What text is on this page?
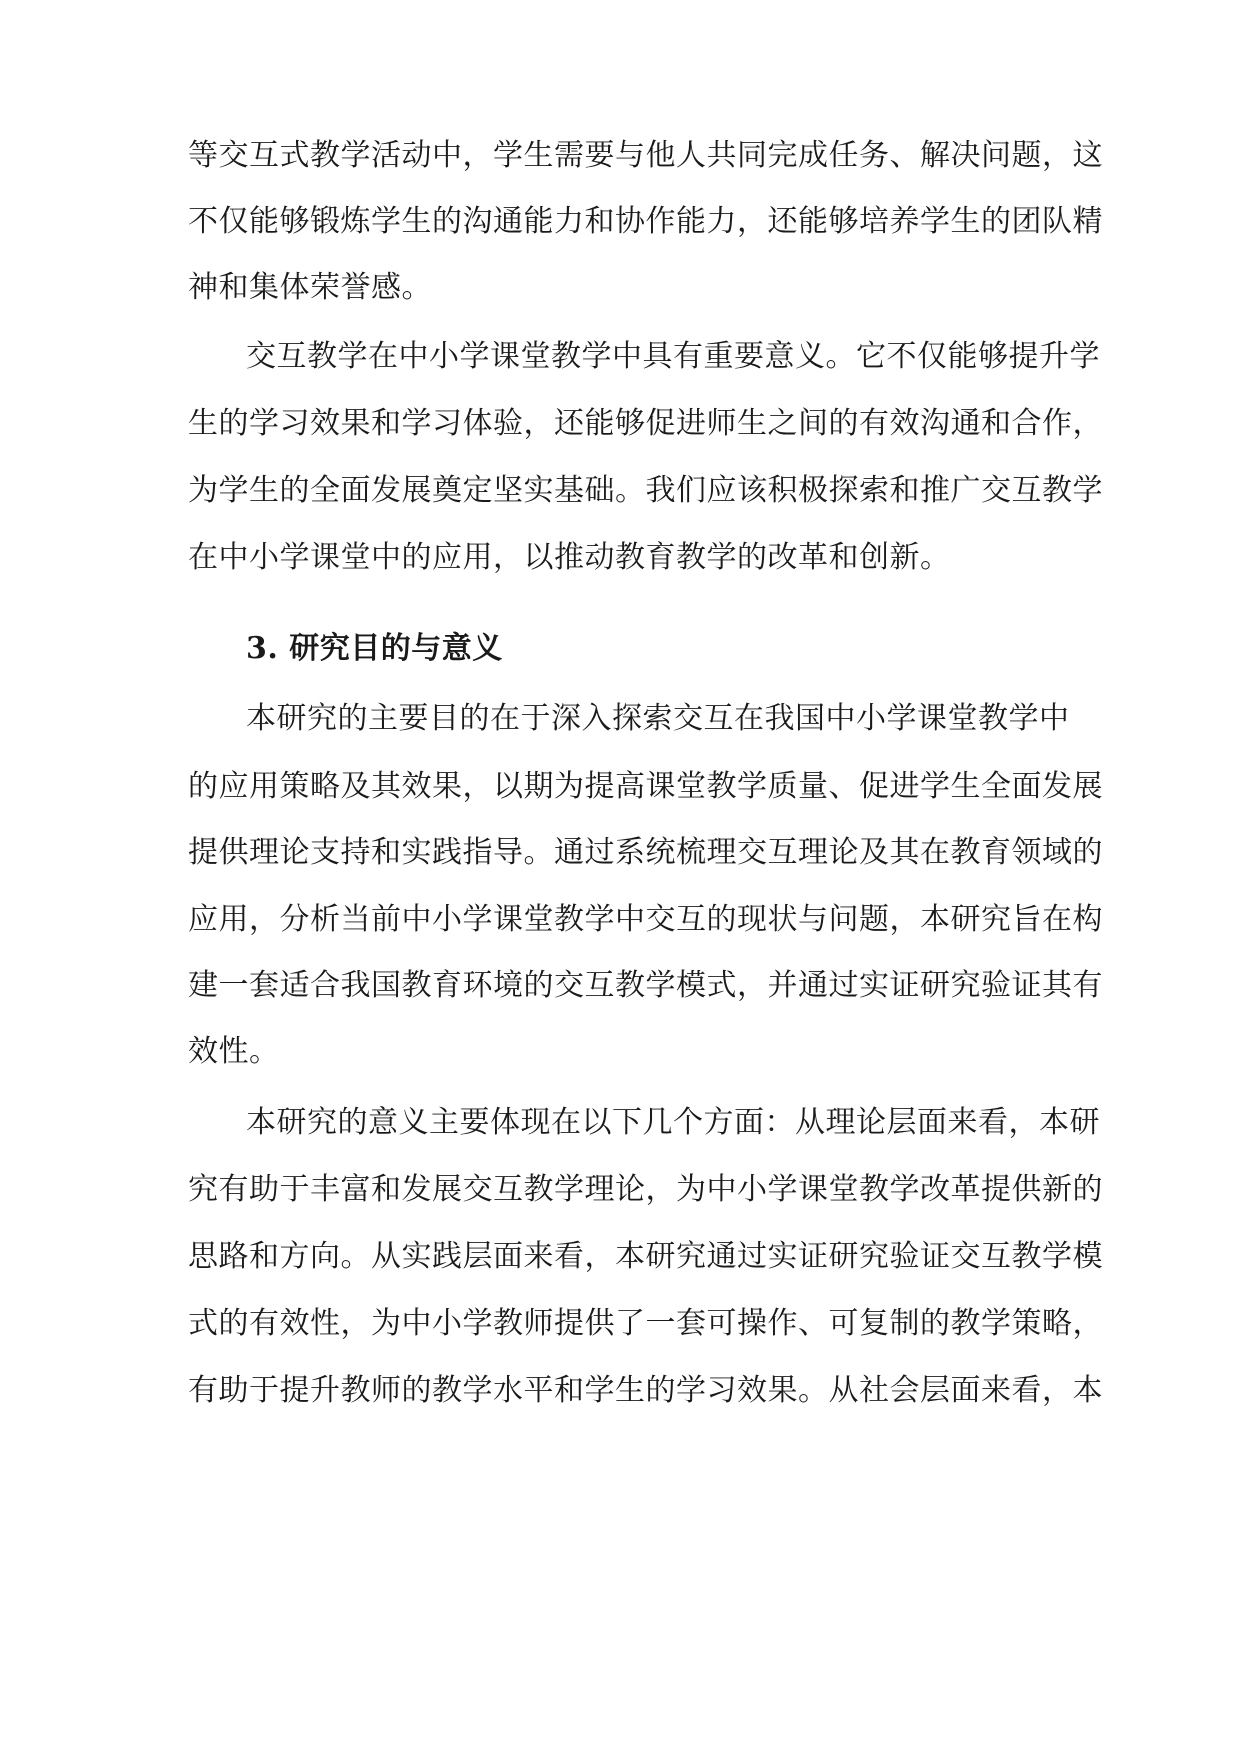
等交互式教学活动中，学生需要与他人共同完成任务、解决问题，这
不仅能够锻炼学生的沟通能力和协作能力，还能够培养学生的团队精
神和集体荣誉感。
交互教学在中小学课堂教学中具有重要意义。它不仅能够提升学
生的学习效果和学习体验，还能够促进师生之间的有效沟通和合作，
为学生的全面发展奠定坚实基础。我们应该积极探索和推广交互教学
在中小学课堂中的应用，以推动教育教学的改革和创新。
3. 研究目的与意义
本研究的主要目的在于深入探索交互在我国中小学课堂教学中
的应用策略及其效果，以期为提高课堂教学质量、促进学生全面发展
提供理论支持和实践指导。通过系统梳理交互理论及其在教育领域的
应用，分析当前中小学课堂教学中交互的现状与问题，本研究旨在构
建一套适合我国教育环境的交互教学模式，并通过实证研究验证其有
效性。
本研究的意义主要体现在以下几个方面：从理论层面来看，本研
究有助于丰富和发展交互教学理论，为中小学课堂教学改革提供新的
思路和方向。从实践层面来看，本研究通过实证研究验证交互教学模
式的有效性，为中小学教师提供了一套可操作、可复制的教学策略，
有助于提升教师的教学水平和学生的学习效果。从社会层面来看，本
